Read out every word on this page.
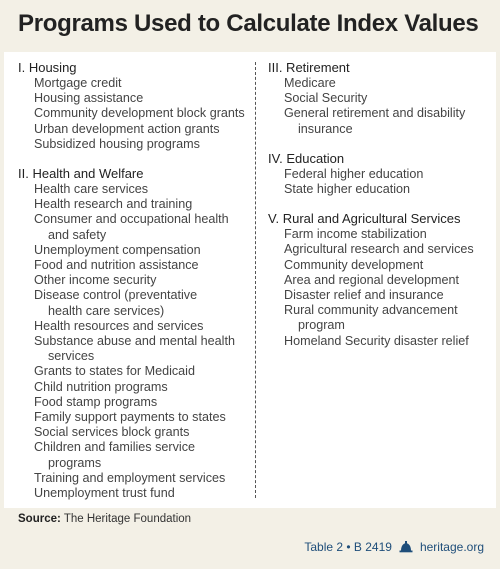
Programs Used to Calculate Index Values
I. Housing
Mortgage credit
Housing assistance
Community development block grants
Urban development action grants
Subsidized housing programs
II. Health and Welfare
Health care services
Health research and training
Consumer and occupational health
and safety
Unemployment compensation
Food and nutrition assistance
Other income security
Disease control (preventative
health care services)
Health resources and services
Substance abuse and mental health
services
Grants to states for Medicaid
Child nutrition programs
Food stamp programs
Family support payments to states
Social services block grants
Children and families service
programs
Training and employment services
Unemployment trust fund
III. Retirement
Medicare
Social Security
General retirement and disability
insurance
IV. Education
Federal higher education
State higher education
V. Rural and Agricultural Services
Farm income stabilization
Agricultural research and services
Community development
Area and regional development
Disaster relief and insurance
Rural community advancement
program
Homeland Security disaster relief
Source: The Heritage Foundation
Table 2 • B 2419 heritage.org
